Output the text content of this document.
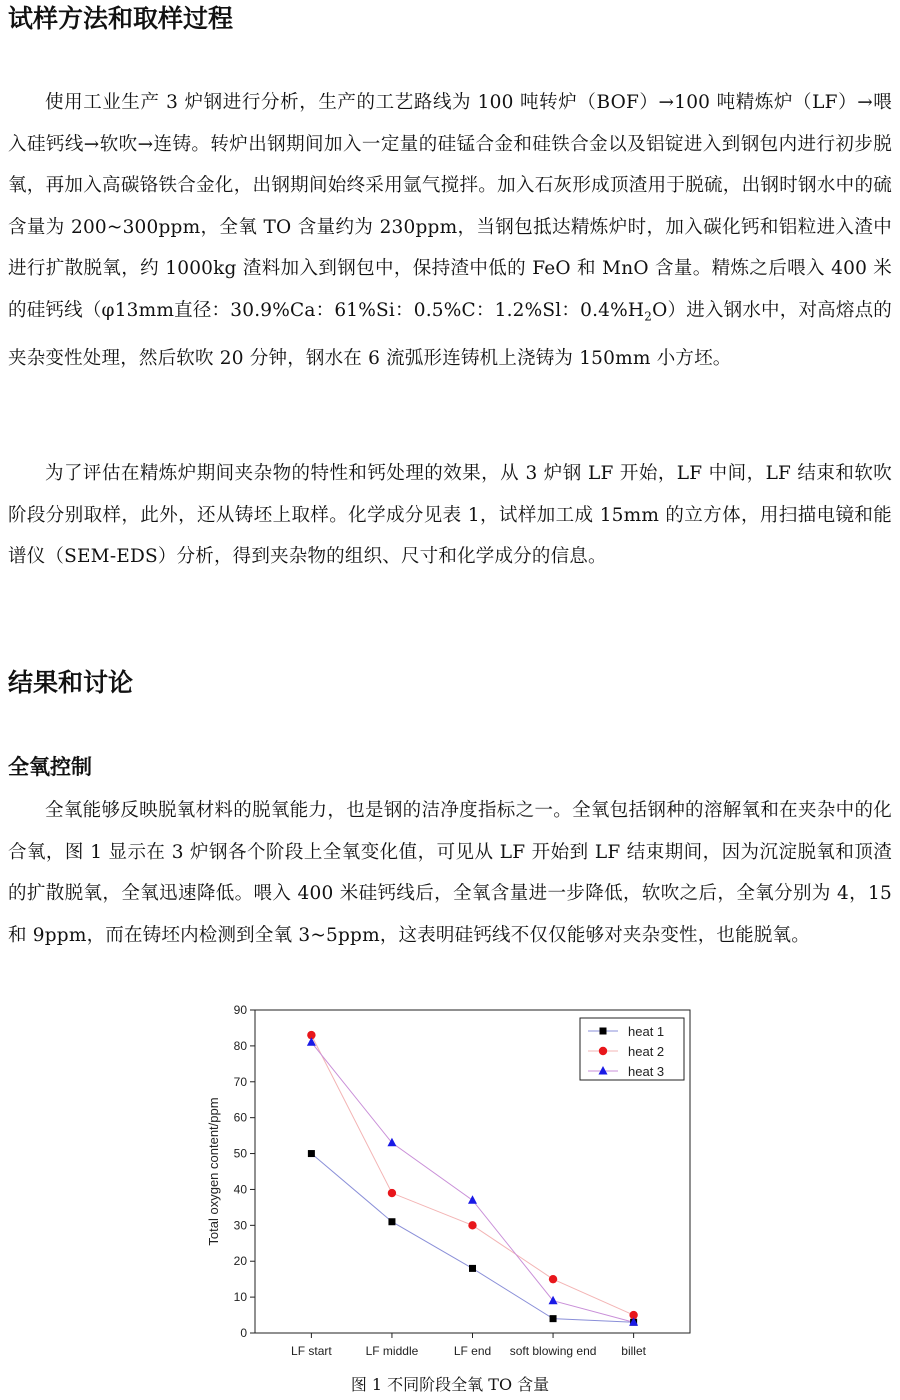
试样方法和取样过程

使用工业生产 3 炉钢进行分析，生产的工艺路线为 100 吨转炉（BOF）→100 吨精炼炉（LF）→喂入硅钙线→软吹→连铸。转炉出钢期间加入一定量的硅锰合金和硅铁合金以及铝锭进入到钢包内进行初步脱氧，再加入高碳铬铁合金化，出钢期间始终采用氩气搅拌。加入石灰形成顶渣用于脱硫，出钢时钢水中的硫含量为 200~300ppm，全氧 TO 含量约为 230ppm，当钢包抵达精炼炉时，加入碳化钙和铝粒进入渣中进行扩散脱氧，约 1000kg 渣料加入到钢包中，保持渣中低的 FeO 和 MnO 含量。精炼之后喂入 400 米的硅钙线（φ13mm直径：30.9%Ca：61%Si：0.5%C：1.2%Sl：$0.4\%H_2O$）进入钢水中，对高熔点的夹杂变性处理，然后软吹 20 分钟，钢水在 6 流弧形连铸机上浇铸为 150mm 小方坯。

为了评估在精炼炉期间夹杂物的特性和钙处理的效果，从 3 炉钢 LF 开始，LF 中间，LF 结束和软吹阶段分别取样，此外，还从铸坯上取样。化学成分见表 1，试样加工成 15mm 的立方体，用扫描电镜和能谱仪（SEM-EDS）分析，得到夹杂物的组织、尺寸和化学成分的信息。

结果和讨论
全氧控制

全氧能够反映脱氧材料的脱氧能力，也是钢的洁净度指标之一。全氧包括钢种的溶解氧和在夹杂中的化合氧，图 1 显示在 3 炉钢各个阶段上全氧变化值，可见从 LF 开始到 LF 结束期间，因为沉淀脱氧和顶渣的扩散脱氧，全氧迅速降低。喂入 400 米硅钙线后，全氧含量进一步降低，软吹之后，全氧分别为 4，15 和 9ppm，而在铸坯内检测到全氧 3~5ppm，这表明硅钙线不仅仅能够对夹杂变性，也能脱氧。

0
10
20
30
40
50
60
70
80
90
LF start	LF middle	LF end soft blowing end billet
Total oxygen content/ppm
heat 1
heat 2
heat 3

图 1 不同阶段全氧 TO 含量
